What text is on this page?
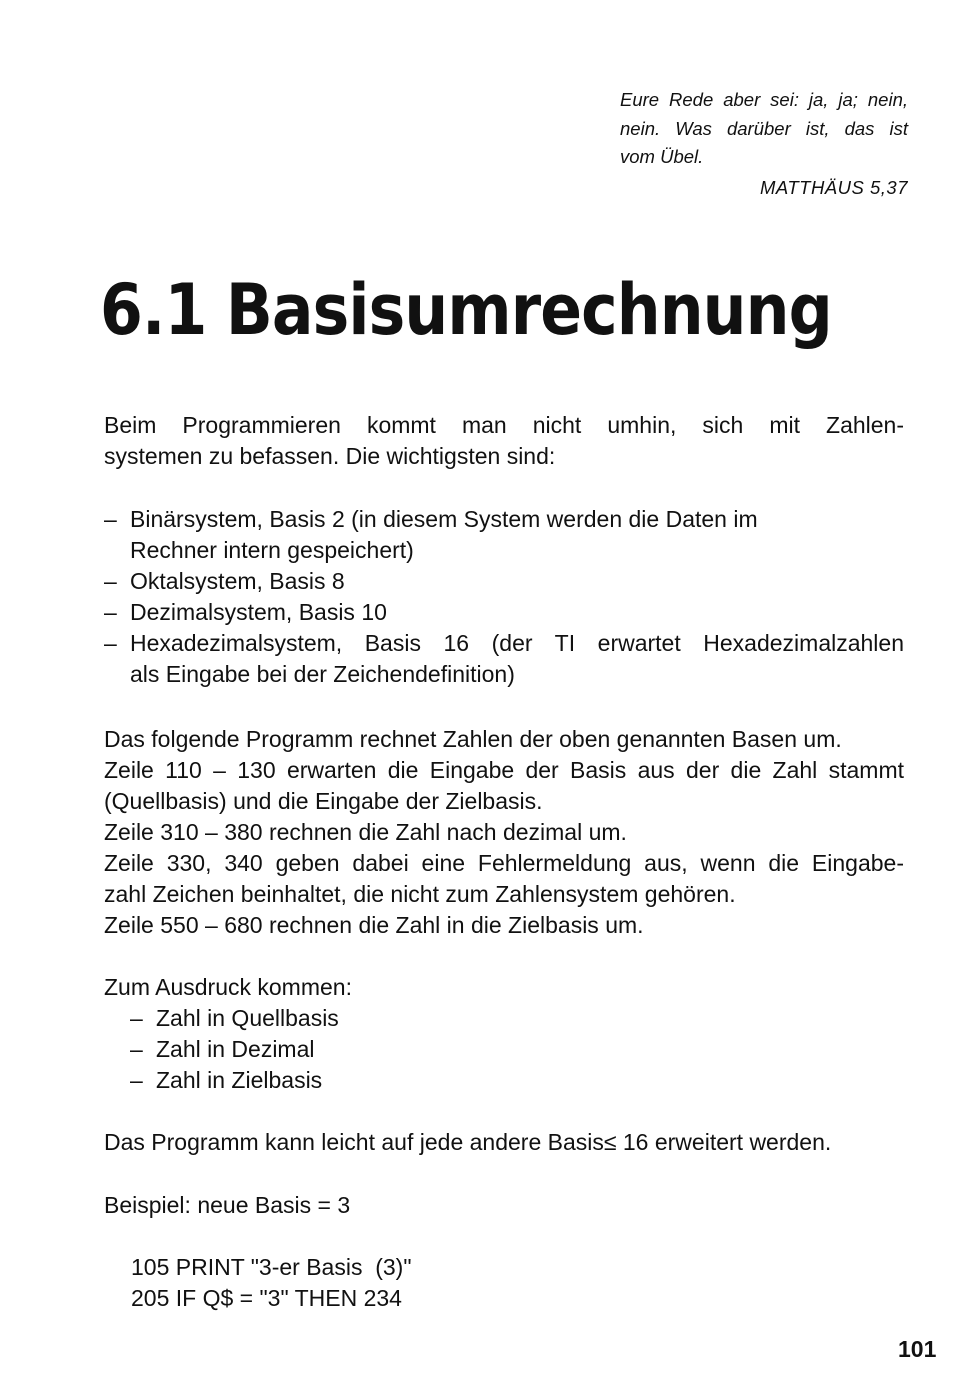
Eure Rede aber sei: ja, ja; nein,
nein. Was darüber ist, das ist
vom Übel.
MATTHÄUS 5,37
6.1 Basisumrechnung
Beim Programmieren kommt man nicht umhin, sich mit Zahlen-
systemen zu befassen. Die wichtigsten sind:
– Binärsystem, Basis 2 (in diesem System werden die Daten im
Rechner intern gespeichert)
– Oktalsystem, Basis 8
– Dezimalsystem, Basis 10
– Hexadezimalsystem, Basis 16 (der TI erwartet Hexadezimalzahlen
als Eingabe bei der Zeichendefinition)
Das folgende Programm rechnet Zahlen der oben genannten Basen um.
Zeile 110 – 130 erwarten die Eingabe der Basis aus der die Zahl stammt
(Quellbasis) und die Eingabe der Zielbasis.
Zeile 310 – 380 rechnen die Zahl nach dezimal um.
Zeile 330, 340 geben dabei eine Fehlermeldung aus, wenn die Eingabe-
zahl Zeichen beinhaltet, die nicht zum Zahlensystem gehören.
Zeile 550 – 680 rechnen die Zahl in die Zielbasis um.
Zum Ausdruck kommen:
– Zahl in Quellbasis
– Zahl in Dezimal
– Zahl in Zielbasis
Das Programm kann leicht auf jede andere Basis≤ 16 erweitert werden.
Beispiel: neue Basis = 3
105 PRINT "3-er Basis  (3)"
205 IF Q$ = "3" THEN 234
101
